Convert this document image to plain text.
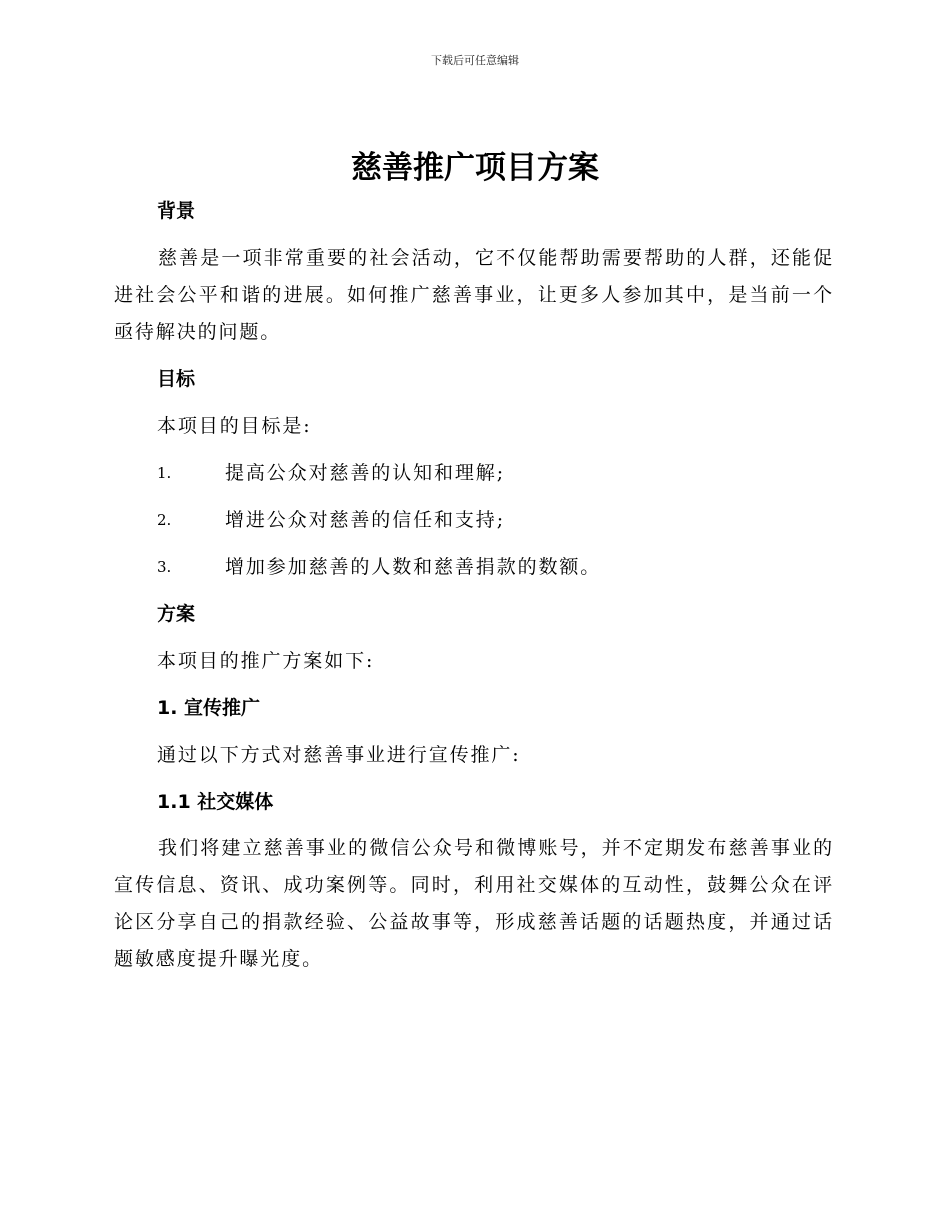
下载后可任意编辑
慈善推广项目方案
背景

慈善是一项非常重要的社会活动，它不仅能帮助需要帮助的人群，还能促进社会公平和谐的进展。如何推广慈善事业，让更多人参加其中，是当前一个亟待解决的问题。

目标

本项目的目标是:

1.	提高公众对慈善的认知和理解;
2.	增进公众对慈善的信任和支持;
3.	增加参加慈善的人数和慈善捐款的数额。
方案

本项目的推广方案如下:

1. 宣传推广

通过以下方式对慈善事业进行宣传推广:

1.1 社交媒体

我们将建立慈善事业的微信公众号和微博账号，并不定期发布慈善事业的宣传信息、资讯、成功案例等。同时，利用社交媒体的互动性，鼓舞公众在评论区分享自己的捐款经验、公益故事等，形成慈善话题的话题热度，并通过话题敏感度提升曝光度。
